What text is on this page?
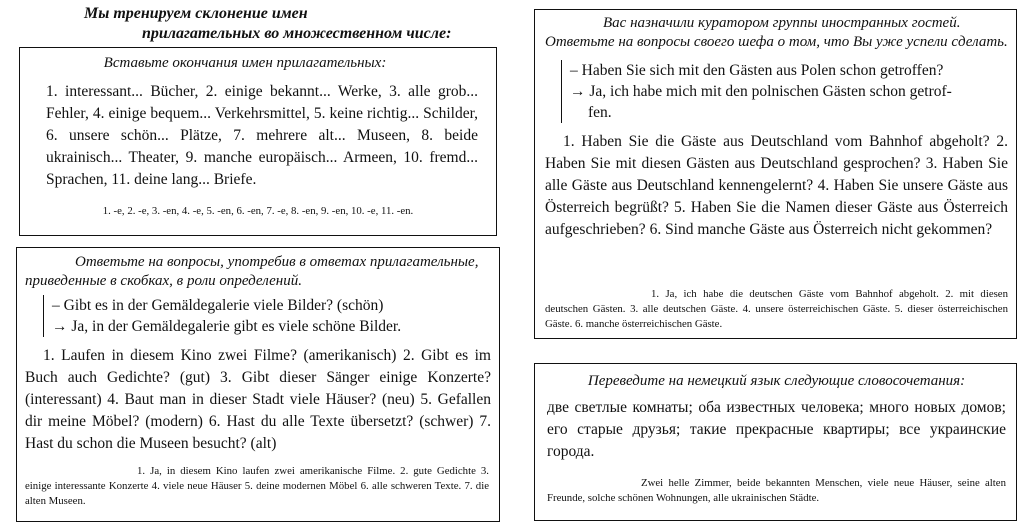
Мы тренируем склонение имен
прилагательных во множественном числе:

Вставьте окончания имен прилагательных:

1. interessant... Bücher, 2. einige bekannt... Werke, 3. alle grob... Fehler, 4. einige bequem... Verkehrsmittel, 5. keine richtig... Schilder, 6. unsere schön... Plätze, 7. mehrere alt... Museen, 8. beide ukrainisch... Theater, 9. manche europäisch... Armeen, 10. fremd... Sprachen, 11. deine lang... Briefe.

1. -e, 2. -e, 3. -en, 4. -e, 5. -en, 6. -en, 7. -e, 8. -en, 9. -en, 10. -e, 11. -en.

Ответьте на вопросы, употребив в ответах прилагательные, приведенные в скобках, в роли определений.

– Gibt es in der Gemäldegalerie viele Bilder? (schön)
→ Ja, in der Gemäldegalerie gibt es viele schöne Bilder.

1. Laufen in diesem Kino zwei Filme? (amerikanisch) 2. Gibt es im Buch auch Gedichte? (gut) 3. Gibt dieser Sänger einige Konzerte? (interessant) 4. Baut man in dieser Stadt viele Häuser? (neu) 5. Gefallen dir meine Möbel? (modern) 6. Hast du alle Texte übersetzt? (schwer) 7. Hast du schon die Museen besucht? (alt)

1. Ja, in diesem Kino laufen zwei amerikanische Filme. 2. gute Gedichte 3. einige interessante Konzerte 4. viele neue Häuser 5. deine modernen Möbel 6. alle schweren Texte. 7. die alten Museen.

Вас назначили куратором группы иностранных гостей. Ответьте на вопросы своего шефа о том, что Вы уже успели сделать.

– Haben Sie sich mit den Gästen aus Polen schon getroffen?
→ Ja, ich habe mich mit den polnischen Gästen schon getrof-
fen.

1. Haben Sie die Gäste aus Deutschland vom Bahnhof abgeholt? 2. Haben Sie mit diesen Gästen aus Deutschland gesprochen? 3. Haben Sie alle Gäste aus Deutschland kennengelernt? 4. Haben Sie unsere Gäste aus Österreich begrüßt? 5. Haben Sie die Namen dieser Gäste aus Österreich aufgeschrieben? 6. Sind manche Gäste aus Österreich nicht gekommen?

1. Ja, ich habe die deutschen Gäste vom Bahnhof abgeholt. 2. mit diesen deutschen Gästen. 3. alle deutschen Gäste. 4. unsere österreichischen Gäste. 5. dieser österreichischen Gäste. 6. manche österreichischen Gäste.

Переведите на немецкий язык следующие словосочетания:

две светлые комнаты; оба известных человека; много новых домов; его старые друзья; такие прекрасные квартиры; все украинские города.

Zwei helle Zimmer, beide bekannten Menschen, viele neue Häuser, seine alten Freunde, solche schönen Wohnungen, alle ukrainischen Städte.
